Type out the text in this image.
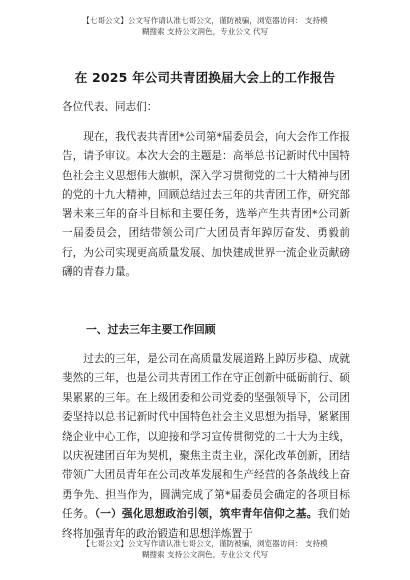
【七哥公文】公文写作请认准七哥公文，谨防被骗，浏览器访问： 支持模
糊搜索 支持公文润色，专业公文 代写
在 2025 年公司共青团换届大会上的工作报告

各位代表、同志们：

现在，我代表共青团*公司第*届委员会，向大会作工作报告，请予审议。本次大会的主题是：高举总书记新时代中国特色社会主义思想伟大旗帜，深入学习贯彻党的二十大精神与团的党的十九大精神，回顾总结过去三年的共青团工作，研究部署未来三年的奋斗目标和主要任务，选举产生共青团*公司新一届委员会，团结带领公司广大团员青年踔厉奋发、勇毅前行，为公司实现更高质量发展、加快建成世界一流企业贡献磅礴的青春力量。

一、过去三年主要工作回顾

过去的三年，是公司在高质量发展道路上踔厉步稳、成就斐然的三年，也是公司共青团工作在守正创新中砥砺前行、硕果累累的三年。在上级团委和公司党委的坚强领导下，公司团委坚持以总书记新时代中国特色社会主义思想为指导，紧紧围绕企业中心工作，以迎接和学习宣传贯彻党的二十大为主线，以庆祝建团百年为契机，聚焦主责主业，深化改革创新，团结带领广大团员青年在公司改革发展和生产经营的各条战线上奋勇争先、担当作为，圆满完成了第*届委员会确定的各项目标任务。（一）强化思想政治引领，筑牢青年信仰之基。我们始终将加强青年的政治锻造和思想洋炼置于

【七哥公文】公文写作请认准七哥公文，谨防被骗，浏览器访问： 支持模
糊搜索 支持公文润色，专业公文 代写
